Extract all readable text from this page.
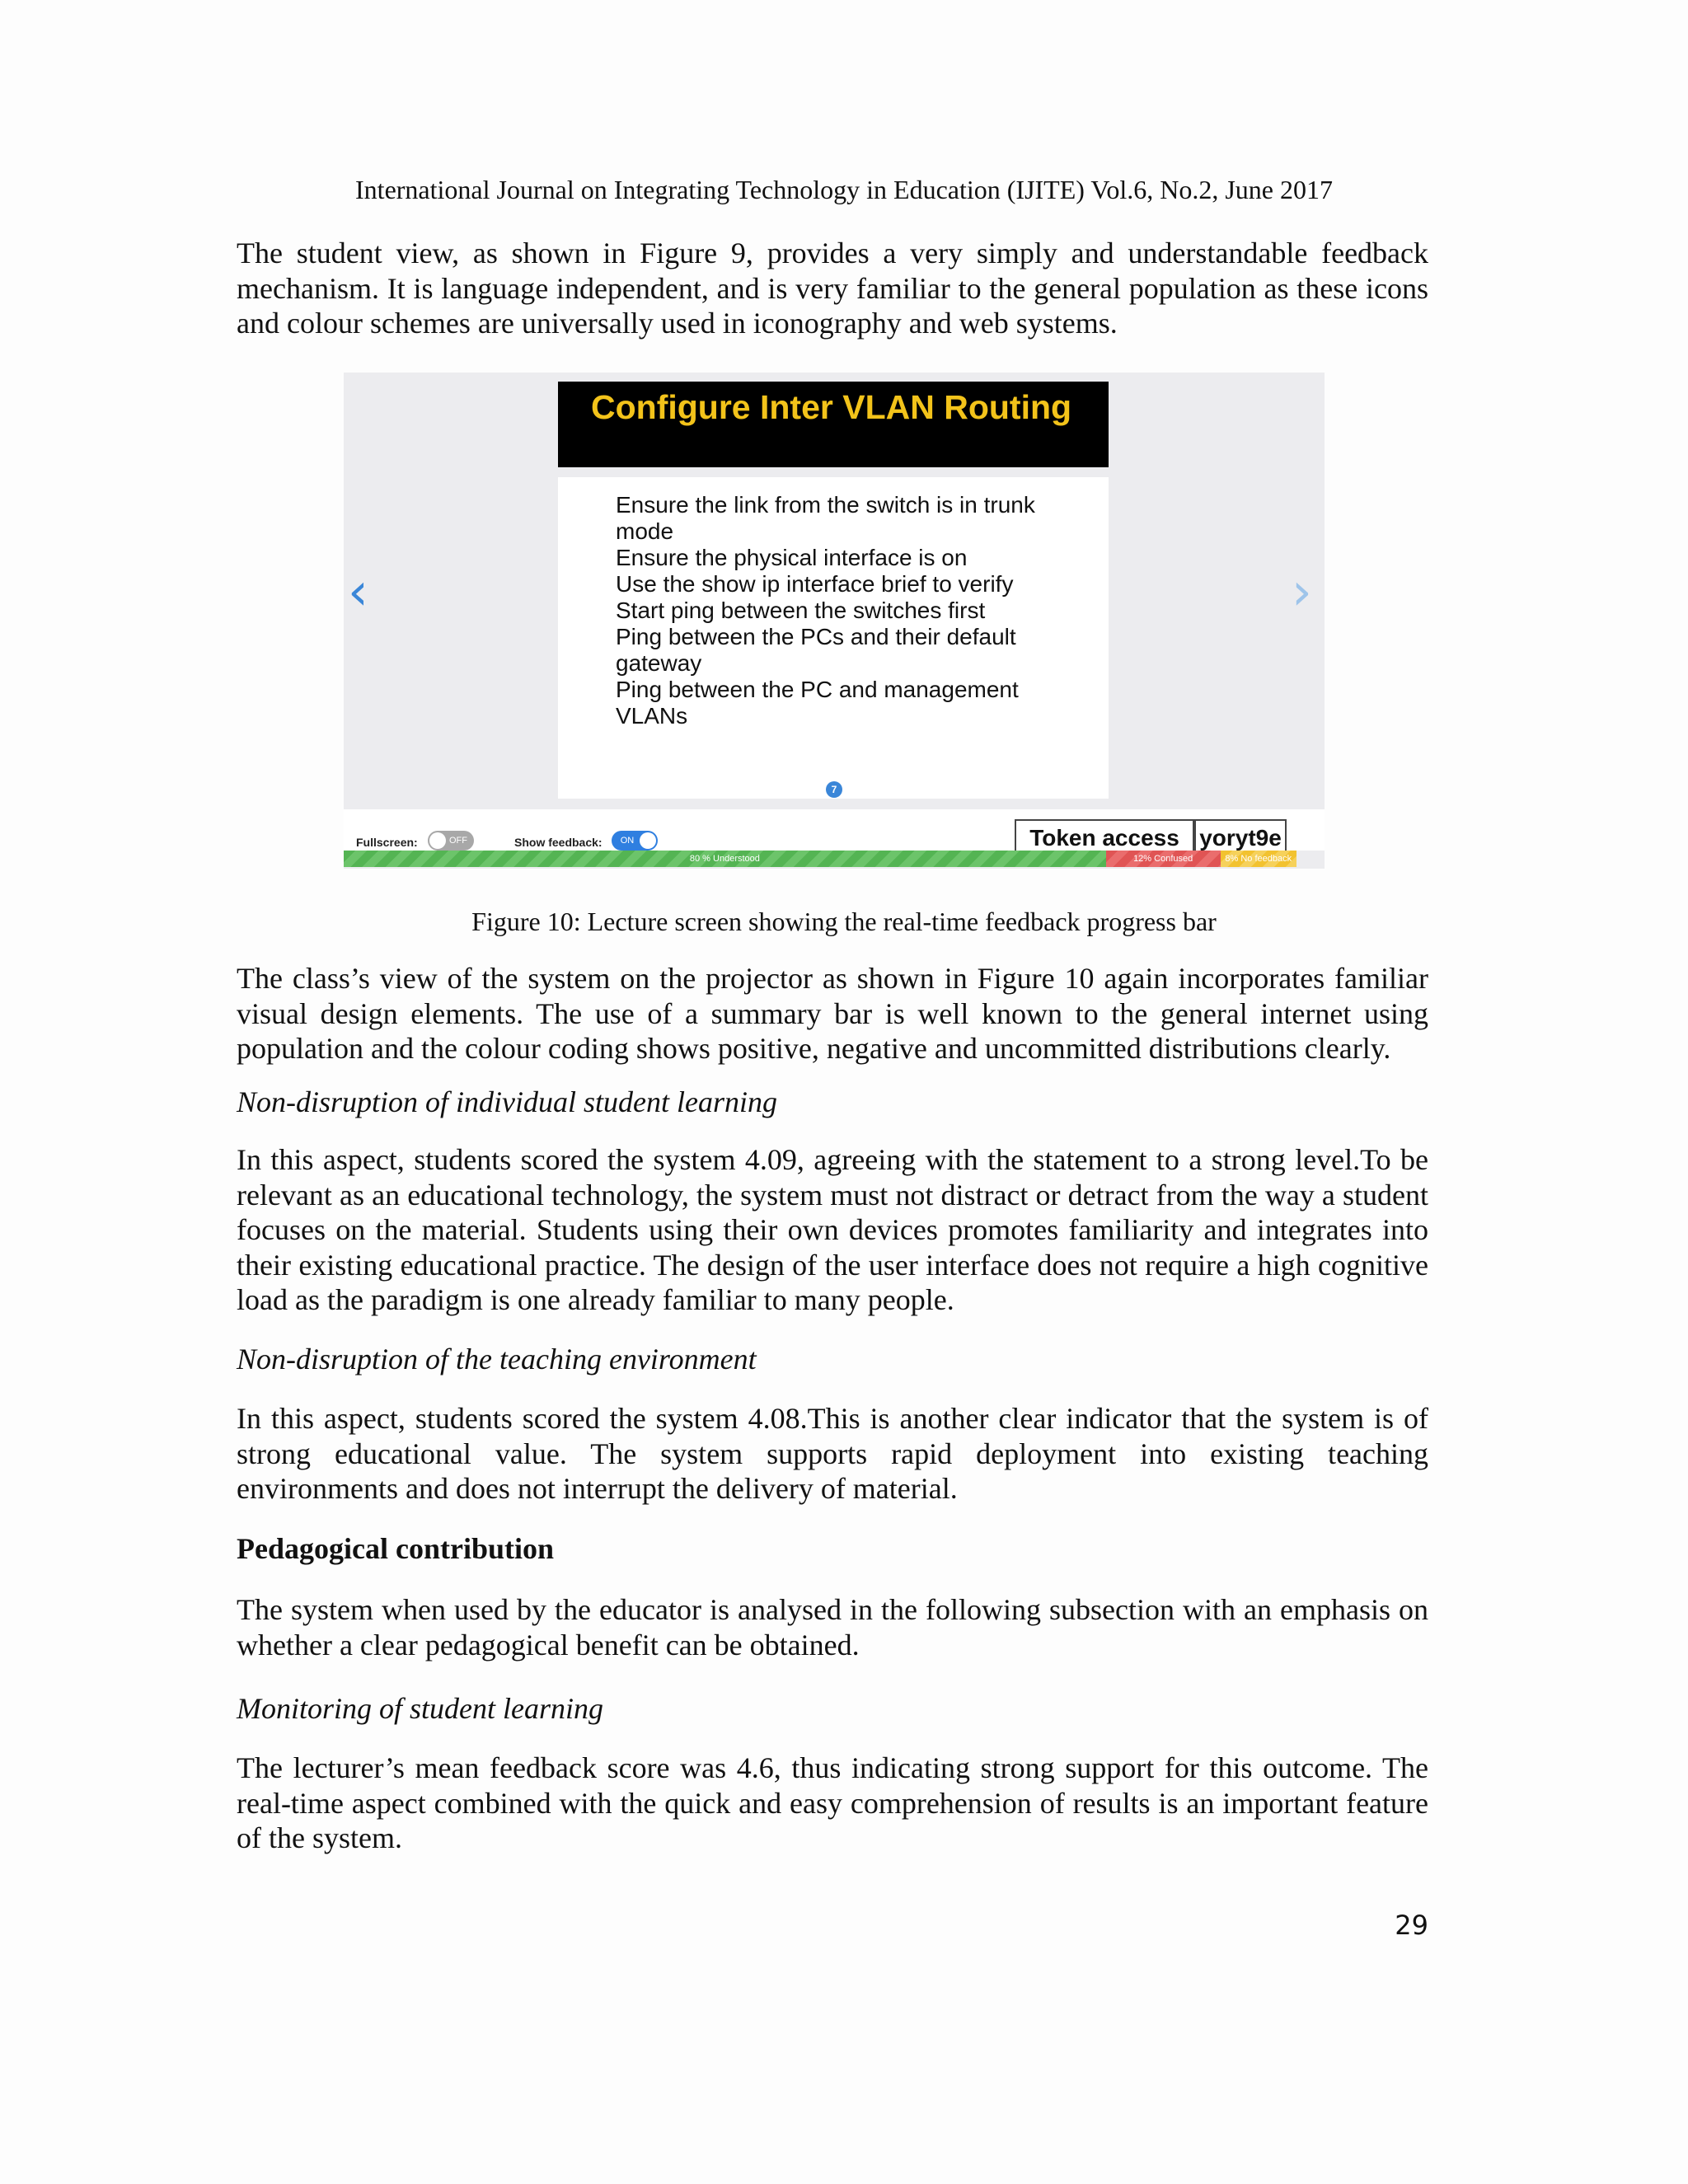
International Journal on Integrating Technology in Education (IJITE) Vol.6, No.2, June 2017

The student view, as shown in Figure 9, provides a very simply and understandable feedback mechanism. It is language independent, and is very familiar to the general population as these icons and colour schemes are universally used in iconography and web systems.

Configure Inter VLAN Routing
Ensure the link from the switch is in trunk
mode
Ensure the physical interface is on
Use the show ip interface brief to verify
Start ping between the switches first
Ping between the PCs and their default
gateway
Ping between the PC and management
VLANs
‹	›
7
Fullscreen:	OFF	Show feedback:	ON	Token access yoryt9e
80 % Understood	12% Confused	8% No feedback
Figure 10: Lecture screen showing the real-time feedback progress bar

The class’s view of the system on the projector as shown in Figure 10 again incorporates familiar visual design elements. The use of a summary bar is well known to the general internet using population and the colour coding shows positive, negative and uncommitted distributions clearly.

Non-disruption of individual student learning

In this aspect, students scored the system 4.09, agreeing with the statement to a strong level.To be relevant as an educational technology, the system must not distract or detract from the way a student focuses on the material. Students using their own devices promotes familiarity and integrates into their existing educational practice. The design of the user interface does not require a high cognitive load as the paradigm is one already familiar to many people.

Non-disruption of the teaching environment

In this aspect, students scored the system 4.08.This is another clear indicator that the system is of strong educational value. The system supports rapid deployment into existing teaching environments and does not interrupt the delivery of material.

Pedagogical contribution

The system when used by the educator is analysed in the following subsection with an emphasis on whether a clear pedagogical benefit can be obtained.

Monitoring of student learning

The lecturer’s mean feedback score was 4.6, thus indicating strong support for this outcome. The real-time aspect combined with the quick and easy comprehension of results is an important feature of the system.

29
